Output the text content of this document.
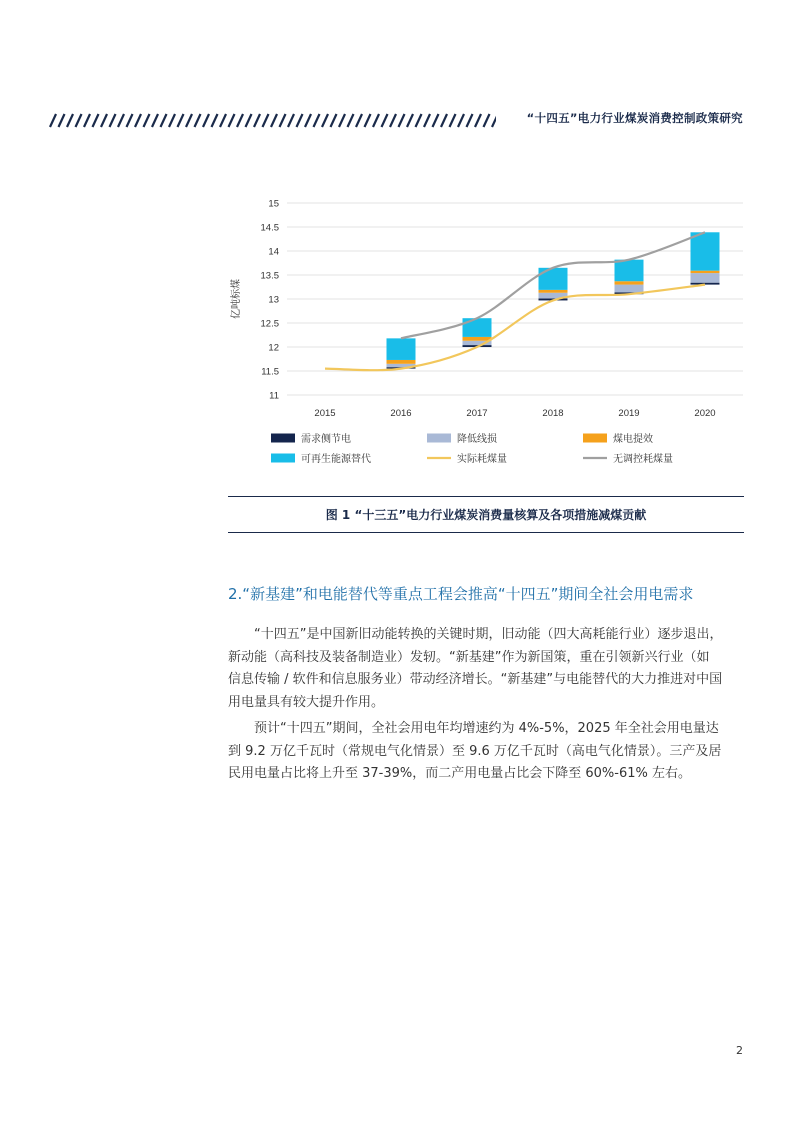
“十四五”电力行业煤炭消费控制政策研究
15
14.5
14
13.5
13
12.5
12
11.5
11
亿吨标煤
2015	2016	2017	2018	2019	2020
需求侧节电	降低线损	煤电提效
可再生能源替代	实际耗煤量	无调控耗煤量
图 1 “十三五”电力行业煤炭消费量核算及各项措施减煤贡献
2.“新基建”和电能替代等重点工程会推高“十四五”期间全社会用电需求
“十四五”是中国新旧动能转换的关键时期，旧动能（四大高耗能行业）逐步退出，
新动能（高科技及装备制造业）发轫。“新基建”作为新国策，重在引领新兴行业（如
信息传输 / 软件和信息服务业）带动经济增长。“新基建”与电能替代的大力推进对中国
用电量具有较大提升作用。
预计“十四五”期间，全社会用电年均增速约为 4%-5%，2025 年全社会用电量达
到 9.2 万亿千瓦时（常规电气化情景）至 9.6 万亿千瓦时（高电气化情景）。三产及居
民用电量占比将上升至 37-39%，而二产用电量占比会下降至 60%-61% 左右。
2
